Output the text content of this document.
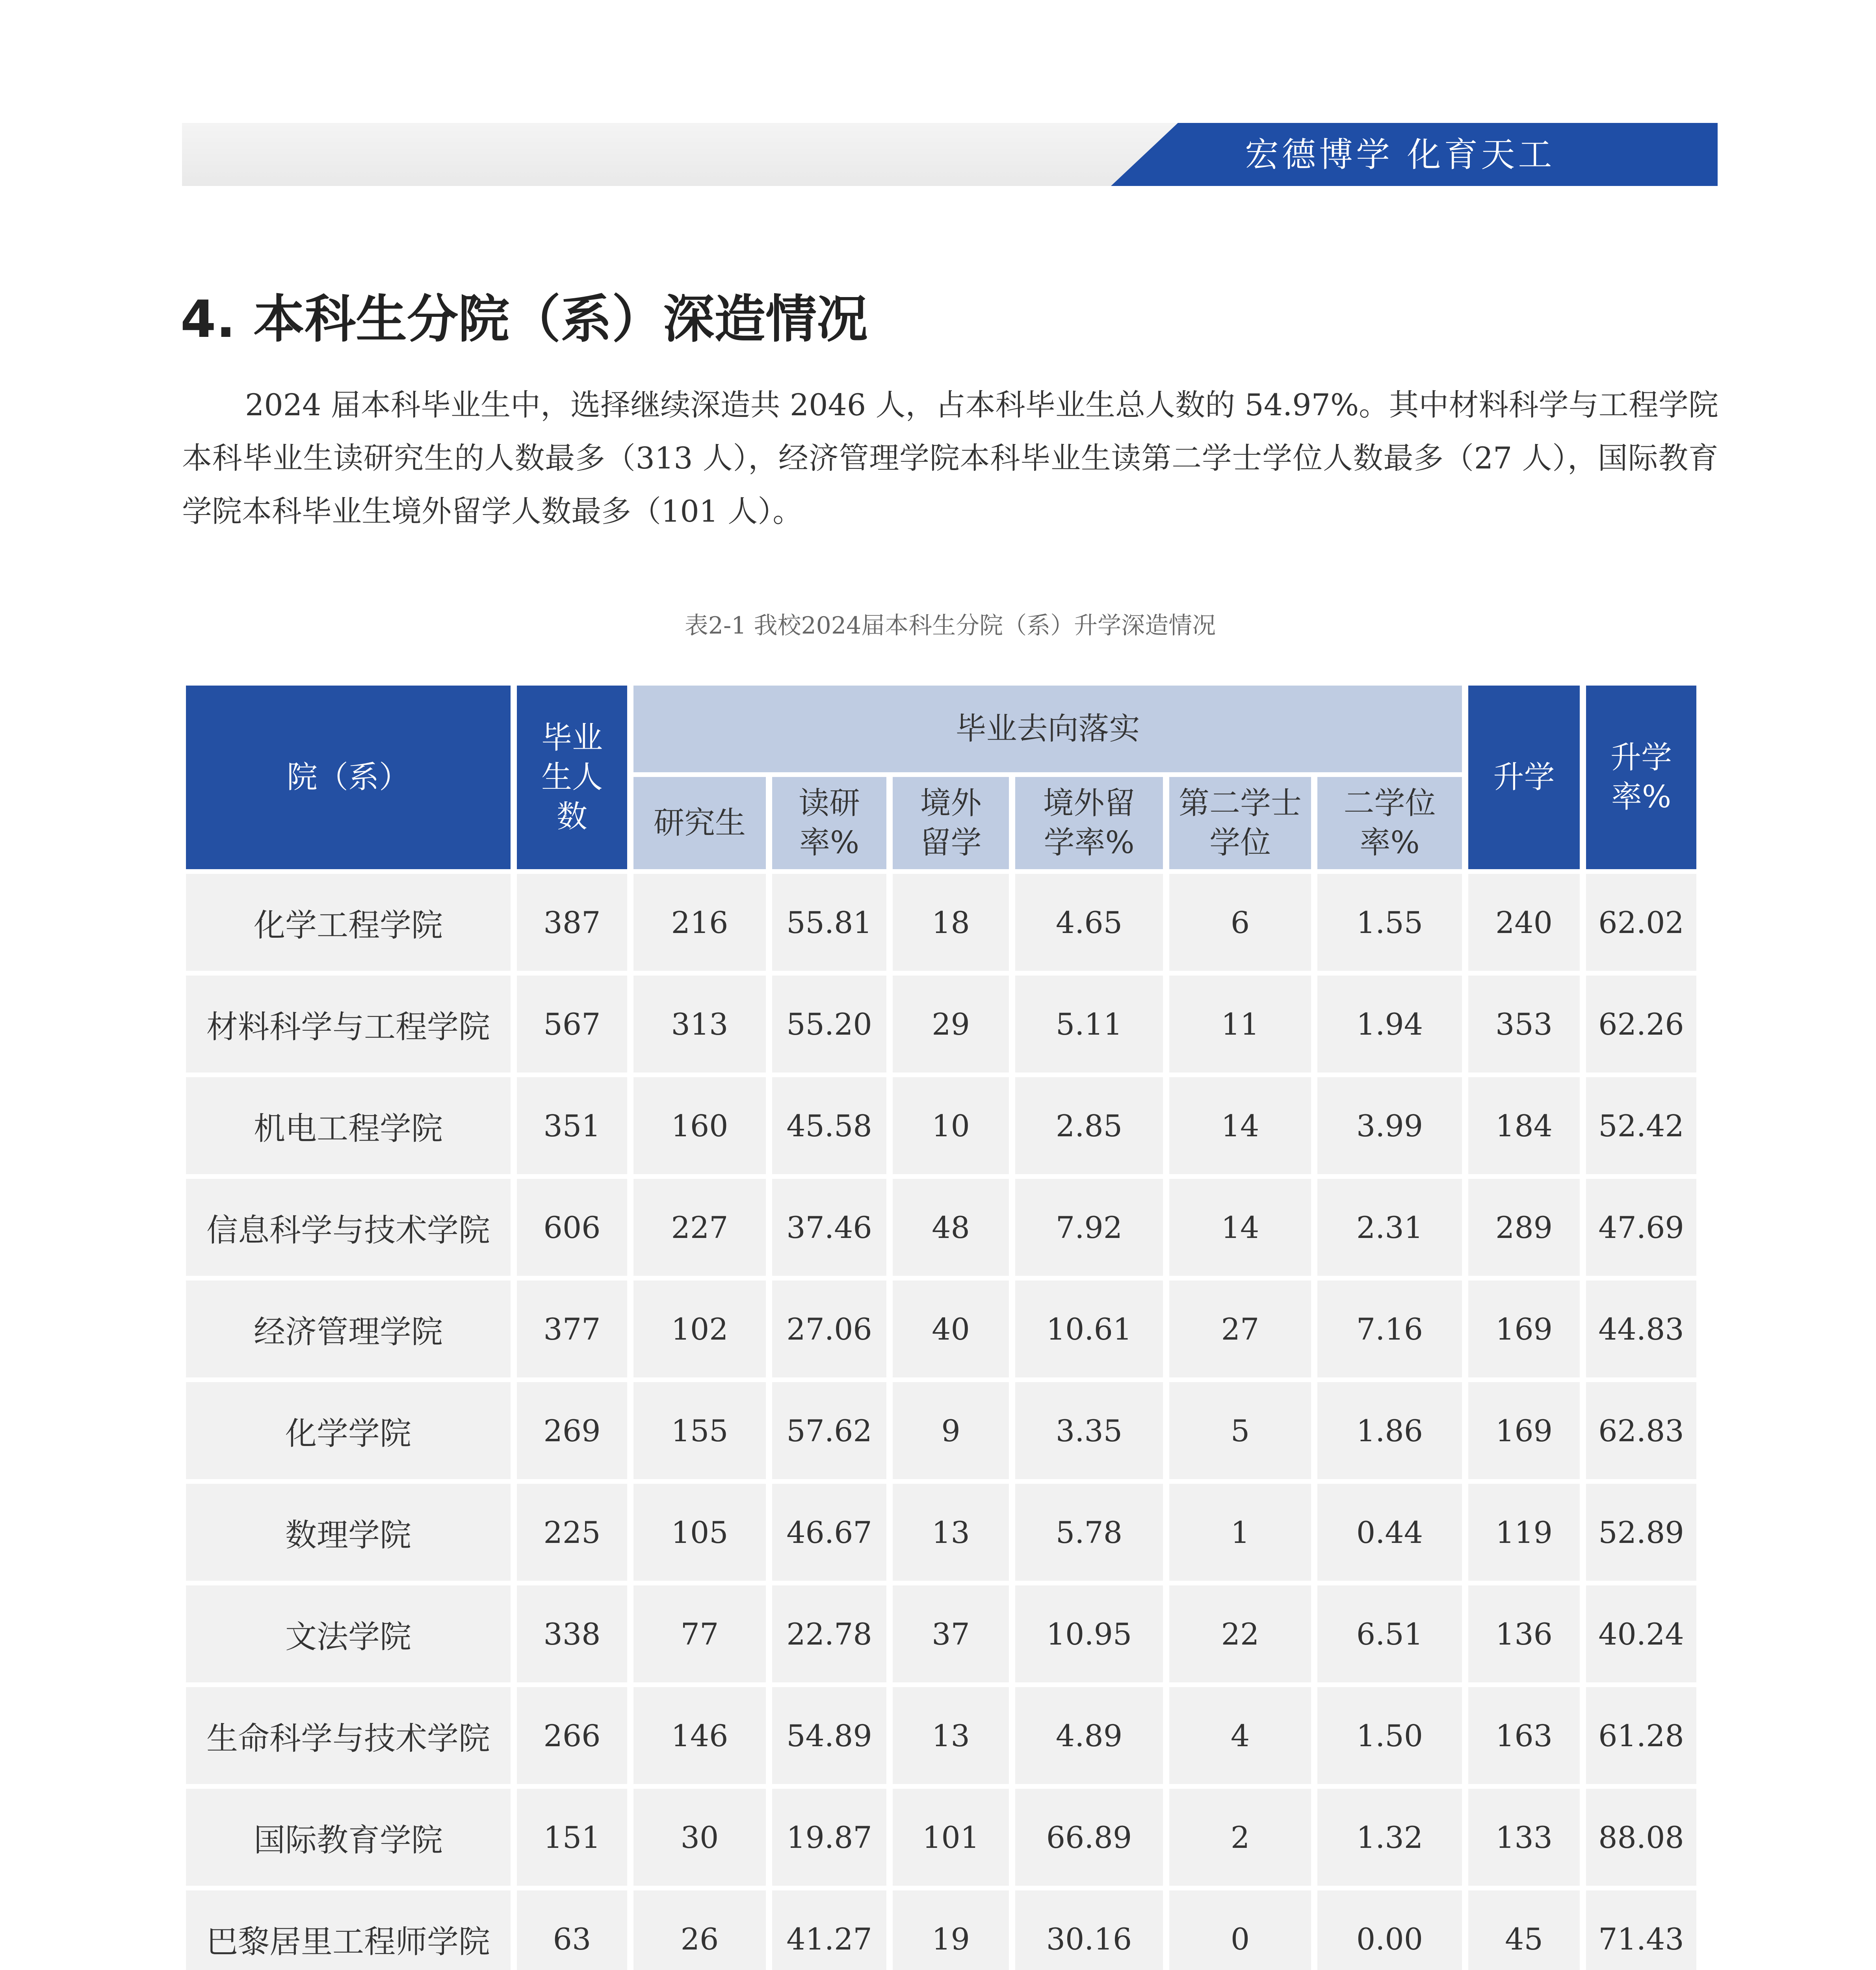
宏德博学 化育天工
4. 本科生分院（系）深造情况
2024 届本科毕业生中，选择继续深造共 2046 人，占本科毕业生总人数的 54.97%。其中材料科学与工程学院本科毕业生读研究生的人数最多（313 人），经济管理学院本科毕业生读第二学士学位人数最多（27 人），国际教育学院本科毕业生境外留学人数最多（101 人）。
表2-1 我校2024届本科生分院（系）升学深造情况
院（系）	毕业生人数	毕业去向落实						升学	升学率%

		研究生	读研率%	境外留学	境外留学率%	第二学士学位	二学位率%		

化学工程学院	387	216	55.81	18	4.65	6	1.55	240	62.02
材料科学与工程学院	567	313	55.20	29	5.11	11	1.94	353	62.26
机电工程学院	351	160	45.58	10	2.85	14	3.99	184	52.42
信息科学与技术学院	606	227	37.46	48	7.92	14	2.31	289	47.69
经济管理学院	377	102	27.06	40	10.61	27	7.16	169	44.83
化学学院	269	155	57.62	9	3.35	5	1.86	169	62.83
数理学院	225	105	46.67	13	5.78	1	0.44	119	52.89
文法学院	338	77	22.78	37	10.95	22	6.51	136	40.24
生命科学与技术学院	266	146	54.89	13	4.89	4	1.50	163	61.28
国际教育学院	151	30	19.87	101	66.89	2	1.32	133	88.08
巴黎居里工程师学院	63	26	41.27	19	30.16	0	0.00	45	71.43
